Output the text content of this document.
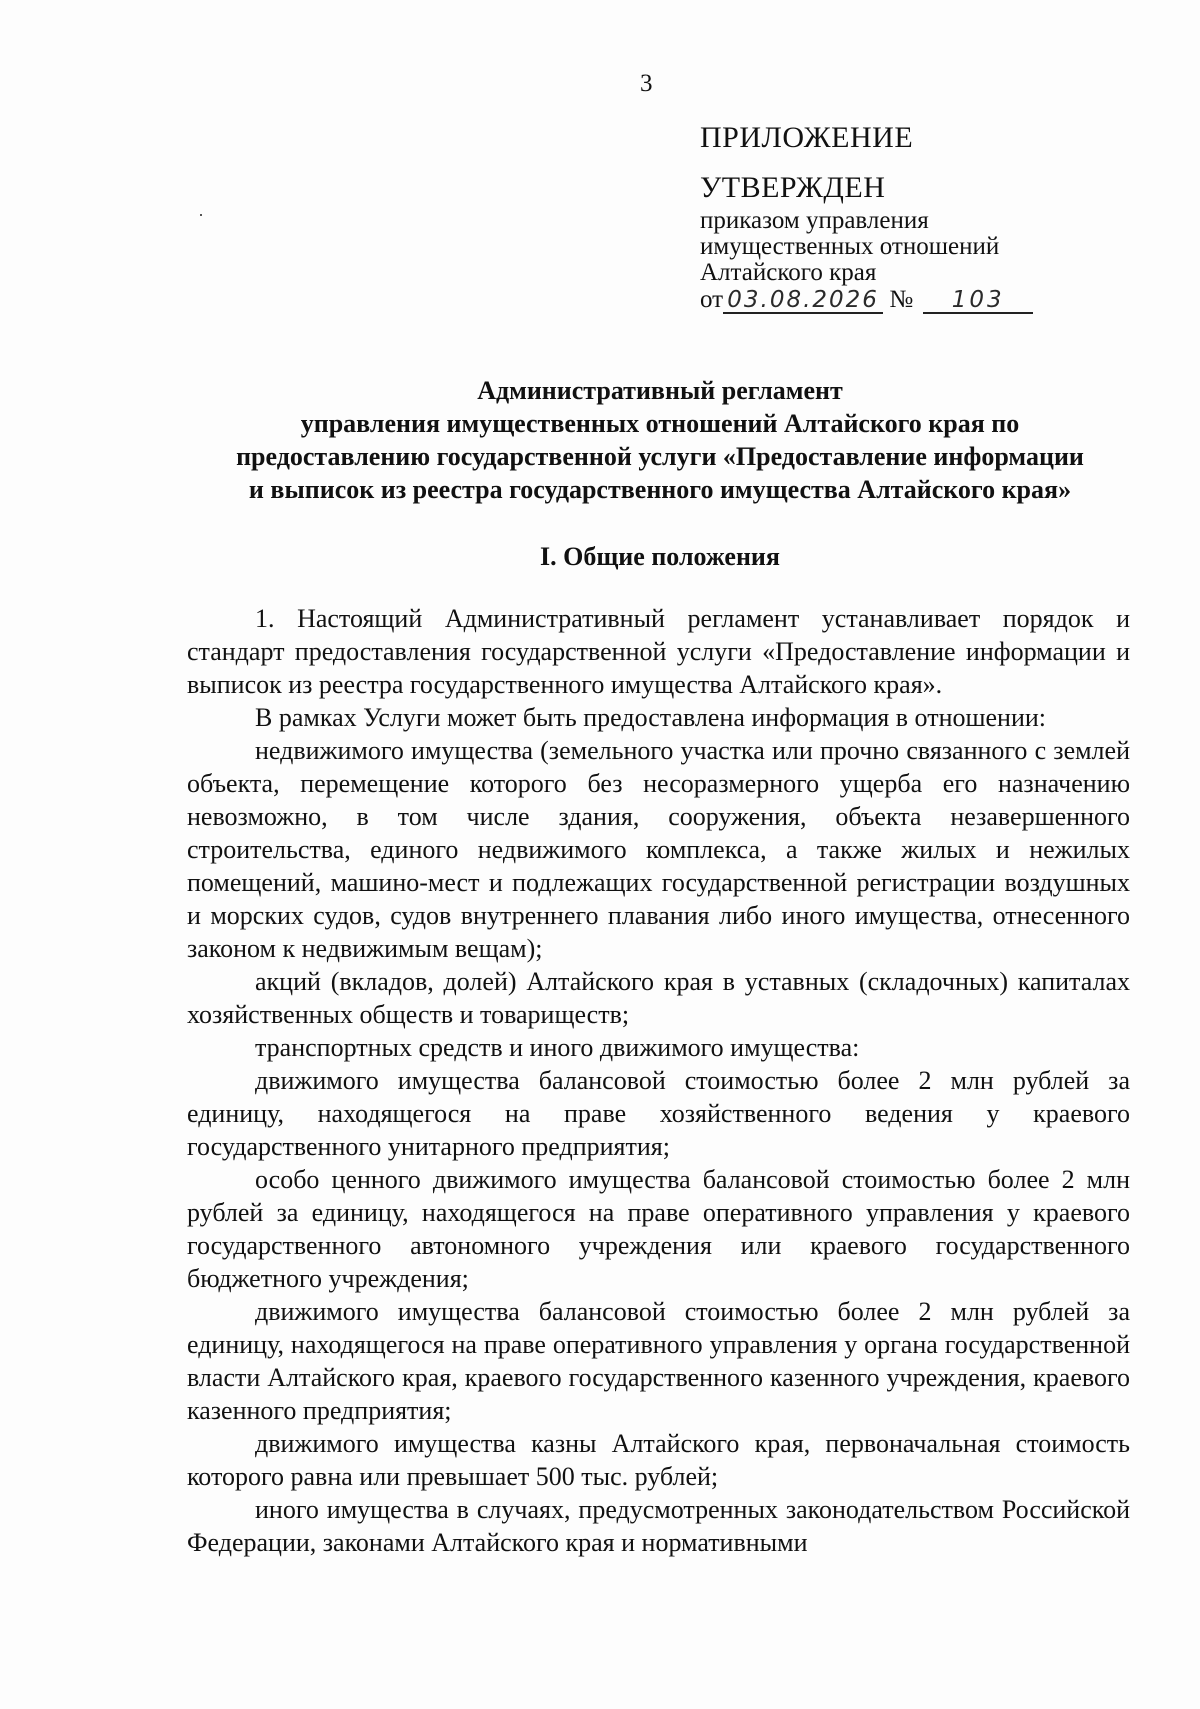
3
ПРИЛОЖЕНИЕ
УТВЕРЖДЕН
приказом управления
имущественных отношений
Алтайского края
от 03.08.2026 № 103
Административный регламент
управления имущественных отношений Алтайского края по
предоставлению государственной услуги «Предоставление информации
и выписок из реестра государственного имущества Алтайского края»
I. Общие положения

1. Настоящий Административный регламент устанавливает порядок и стандарт предоставления государственной услуги «Предоставление информации и выписок из реестра государственного имущества Алтайского края».

В рамках Услуги может быть предоставлена информация в отношении:

недвижимого имущества (земельного участка или прочно связанного с землей объекта, перемещение которого без несоразмерного ущерба его назначению невозможно, в том числе здания, сооружения, объекта незавершенного строительства, единого недвижимого комплекса, а также жилых и нежилых помещений, машино-мест и подлежащих государственной регистрации воздушных и морских судов, судов внутреннего плавания либо иного имущества, отнесенного законом к недвижимым вещам);

акций (вкладов, долей) Алтайского края в уставных (складочных) капиталах хозяйственных обществ и товариществ;

транспортных средств и иного движимого имущества:

движимого имущества балансовой стоимостью более 2 млн рублей за единицу, находящегося на праве хозяйственного ведения у краевого государственного унитарного предприятия;

особо ценного движимого имущества балансовой стоимостью более 2 млн рублей за единицу, находящегося на праве оперативного управления у краевого государственного автономного учреждения или краевого государственного бюджетного учреждения;

движимого имущества балансовой стоимостью более 2 млн рублей за единицу, находящегося на праве оперативного управления у органа государственной власти Алтайского края, краевого государственного казенного учреждения, краевого казенного предприятия;

движимого имущества казны Алтайского края, первоначальная стоимость которого равна или превышает 500 тыс. рублей;

иного имущества в случаях, предусмотренных законодательством Российской Федерации, законами Алтайского края и нормативными
